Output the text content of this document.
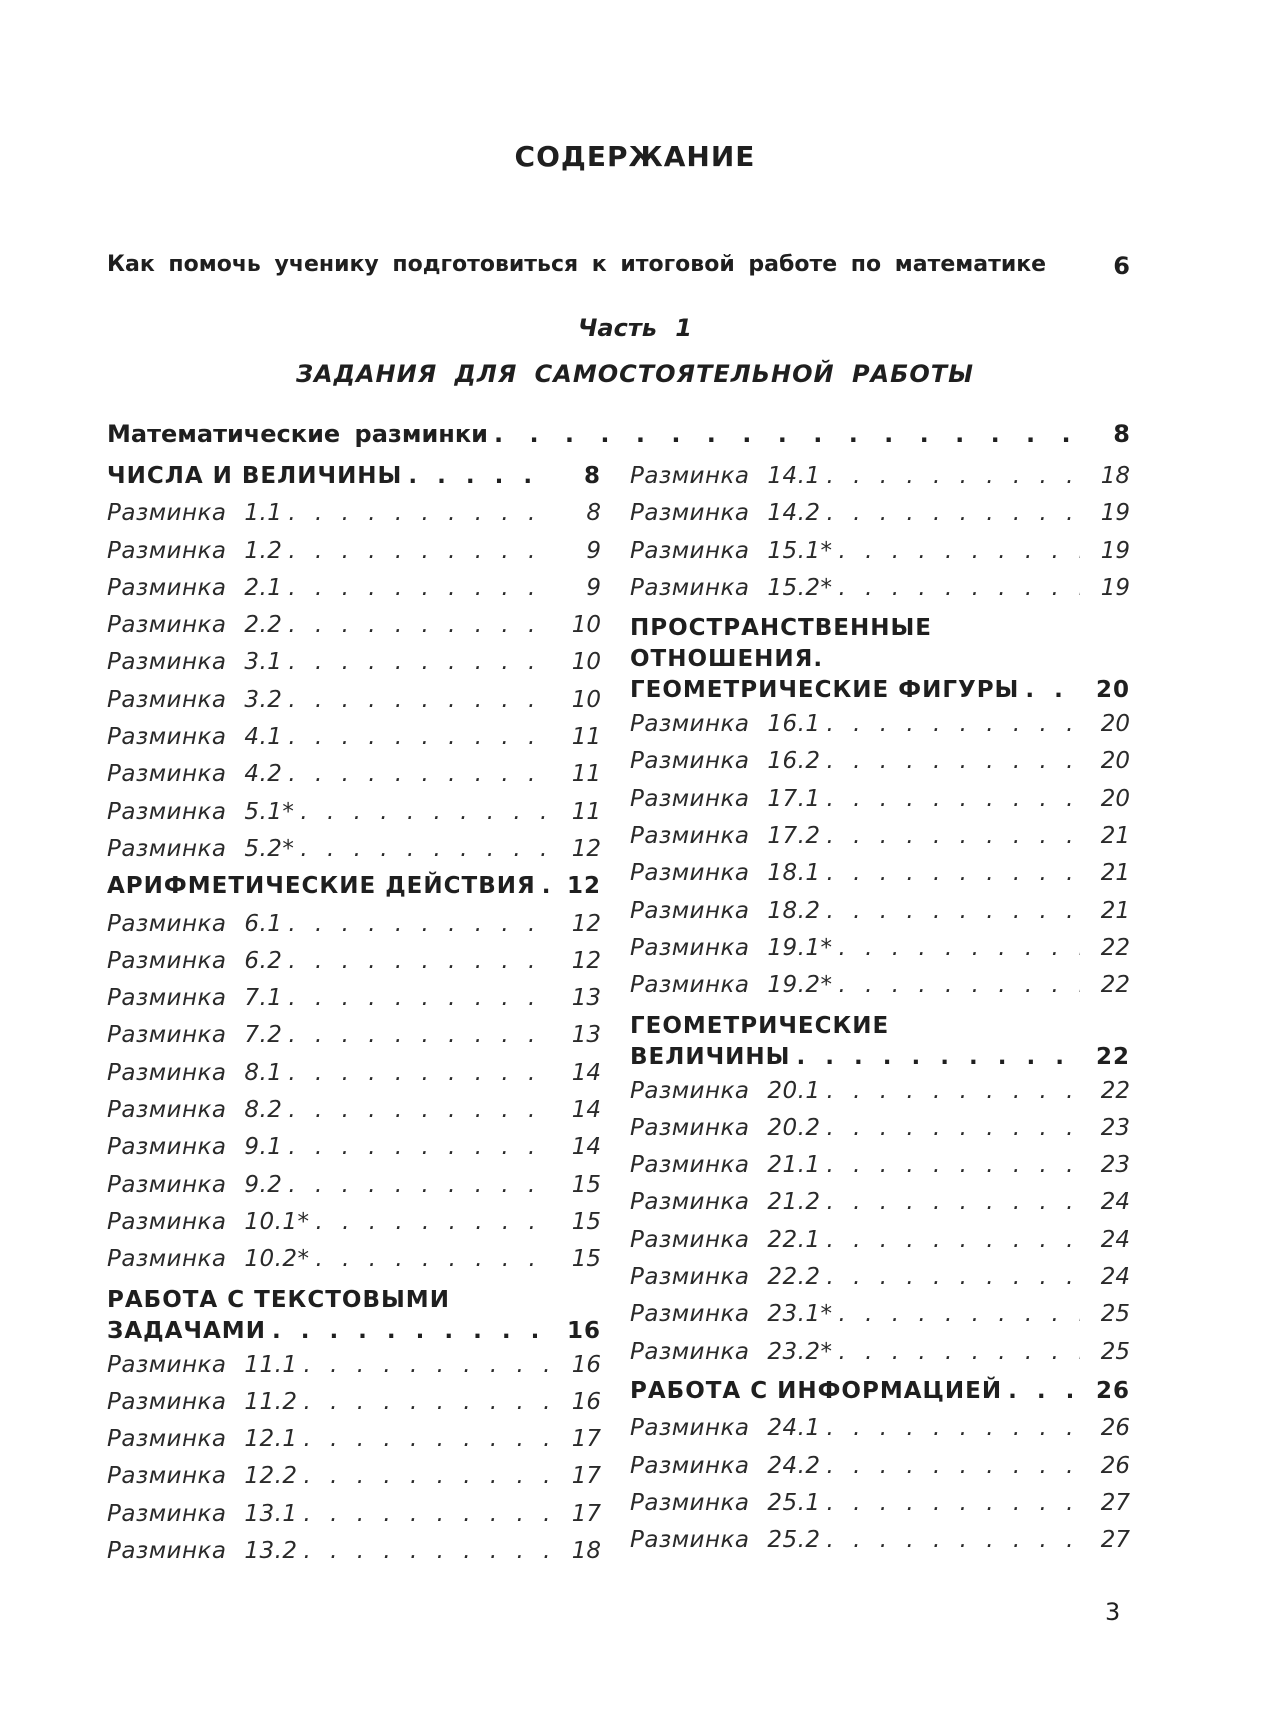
СОДЕРЖАНИЕ
Как помочь ученику подготовиться к итоговой работе по математике	6
Часть 1
ЗАДАНИЯ ДЛЯ САМОСТОЯТЕЛЬНОЙ РАБОТЫ
Математические разминки . . .	8
ЧИСЛА И ВЕЛИЧИНЫ . . .	8
Разминка 1.1 . . .	8
Разминка 1.2 . . .	9
Разминка 2.1 . . .	9
Разминка 2.2 . . .	10
Разминка 3.1 . . .	10
Разминка 3.2 . . .	10
Разминка 4.1 . . .	11
Разминка 4.2 . . .	11
Разминка 5.1* . . .	11
Разминка 5.2* . . .	12
АРИФМЕТИЧЕСКИЕ ДЕЙСТВИЯ . . .	12
Разминка 6.1 . . .	12
Разминка 6.2 . . .	12
Разминка 7.1 . . .	13
Разминка 7.2 . . .	13
Разминка 8.1 . . .	14
Разминка 8.2 . . .	14
Разминка 9.1 . . .	14
Разминка 9.2 . . .	15
Разминка 10.1* . . .	15
Разминка 10.2* . . .	15
РАБОТА С ТЕКСТОВЫМИ
ЗАДАЧАМИ . . .	16
Разминка 11.1 . . .	16
Разминка 11.2 . . .	16
Разминка 12.1 . . .	17
Разминка 12.2 . . .	17
Разминка 13.1 . . .	17
Разминка 13.2 . . .	18
Разминка 14.1 . . .	18
Разминка 14.2 . . .	19
Разминка 15.1* . . .	19
Разминка 15.2* . . .	19
ПРОСТРАНСТВЕННЫЕ
ОТНОШЕНИЯ.
ГЕОМЕТРИЧЕСКИЕ ФИГУРЫ . . .	20
Разминка 16.1 . . .	20
Разминка 16.2 . . .	20
Разминка 17.1 . . .	20
Разминка 17.2 . . .	21
Разминка 18.1 . . .	21
Разминка 18.2 . . .	21
Разминка 19.1* . . .	22
Разминка 19.2* . . .	22
ГЕОМЕТРИЧЕСКИЕ
ВЕЛИЧИНЫ . . .	22
Разминка 20.1 . . .	22
Разминка 20.2 . . .	23
Разминка 21.1 . . .	23
Разминка 21.2 . . .	24
Разминка 22.1 . . .	24
Разминка 22.2 . . .	24
Разминка 23.1* . . .	25
Разминка 23.2* . . .	25
РАБОТА С ИНФОРМАЦИЕЙ . . .	26
Разминка 24.1 . . .	26
Разминка 24.2 . . .	26
Разминка 25.1 . . .	27
Разминка 25.2 . . .	27
3
